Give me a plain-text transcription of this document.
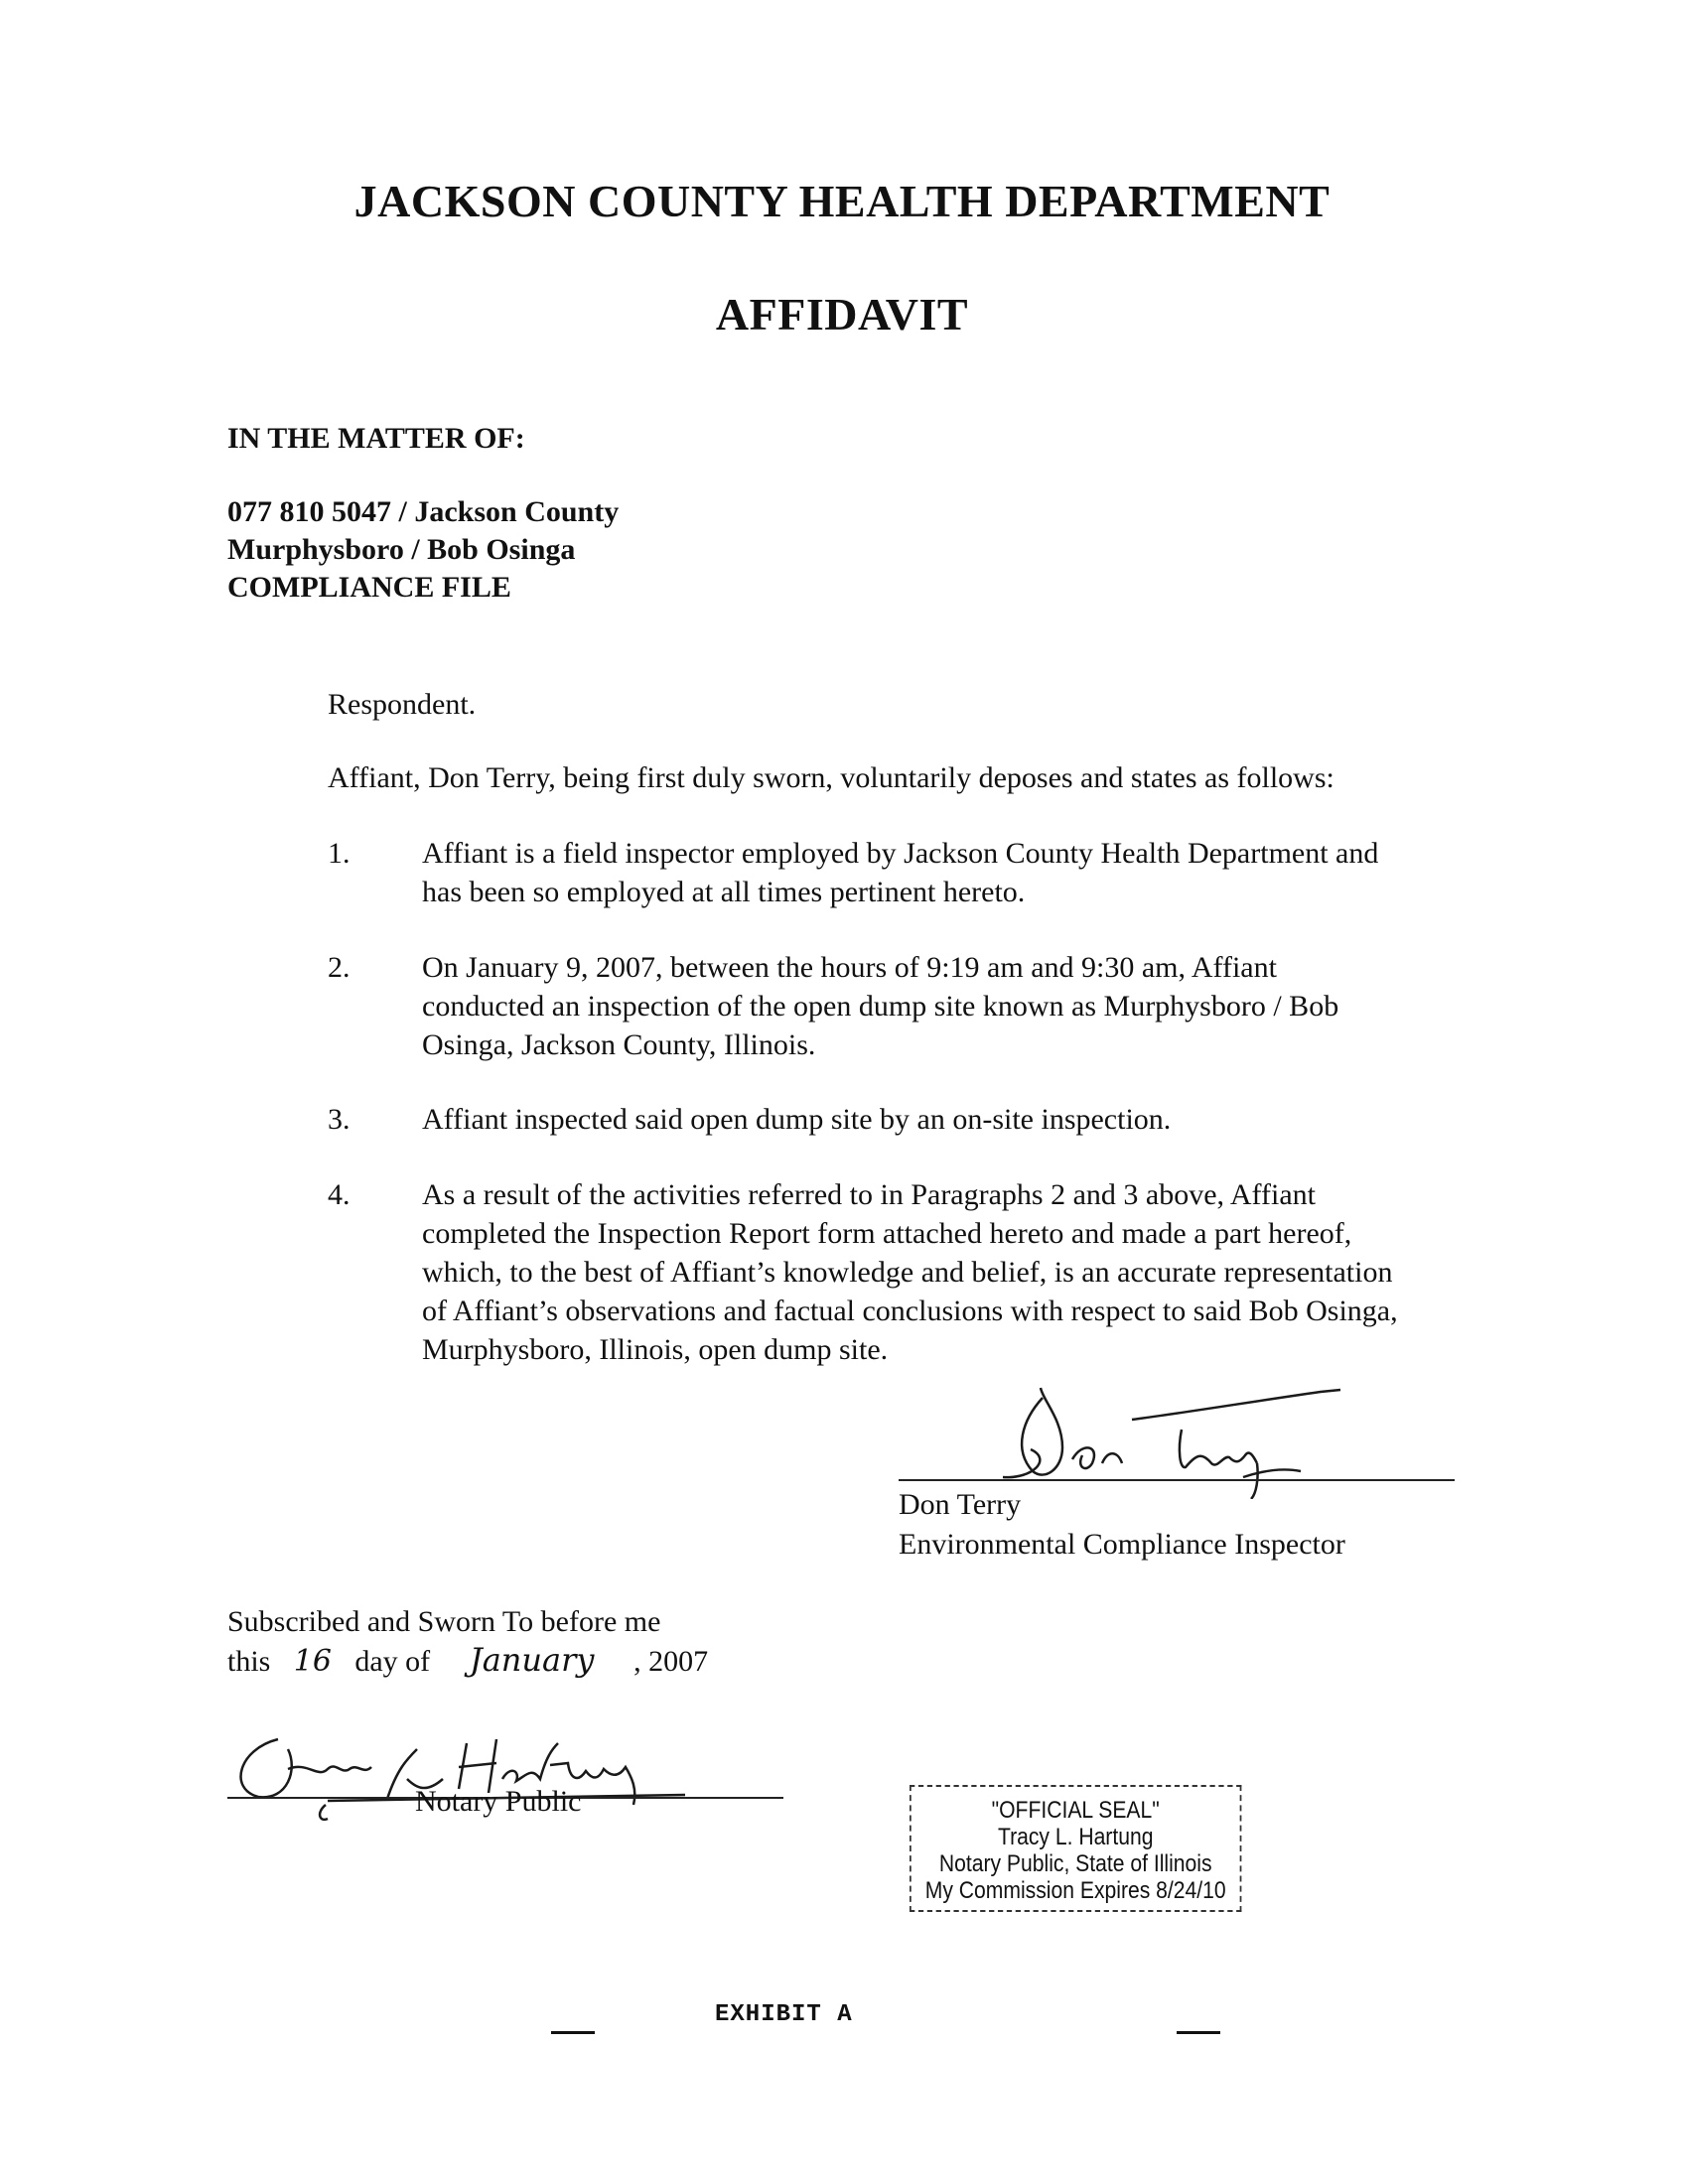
JACKSON COUNTY HEALTH DEPARTMENT
AFFIDAVIT
IN THE MATTER OF:
077 810 5047 / Jackson County
Murphysboro / Bob Osinga
COMPLIANCE FILE
Respondent.
Affiant, Don Terry, being first duly sworn, voluntarily deposes and states as follows:
1. Affiant is a field inspector employed by Jackson County Health Department and
has been so employed at all times pertinent hereto.
2. On January 9, 2007, between the hours of 9:19 am and 9:30 am, Affiant
conducted an inspection of the open dump site known as Murphysboro / Bob
Osinga, Jackson County, Illinois.
3. Affiant inspected said open dump site by an on-site inspection.
4. As a result of the activities referred to in Paragraphs 2 and 3 above, Affiant
completed the Inspection Report form attached hereto and made a part hereof,
which, to the best of Affiant’s knowledge and belief, is an accurate representation
of Affiant’s observations and factual conclusions with respect to said Bob Osinga,
Murphysboro, Illinois, open dump site.
Don Terry
Environmental Compliance Inspector
Subscribed and Sworn To before me
this 16 day of January , 2007
Notary Public	"OFFICIAL SEAL"
Tracy L. Hartung
Notary Public, State of Illinois
My Commission Expires 8/24/10
EXHIBIT A
